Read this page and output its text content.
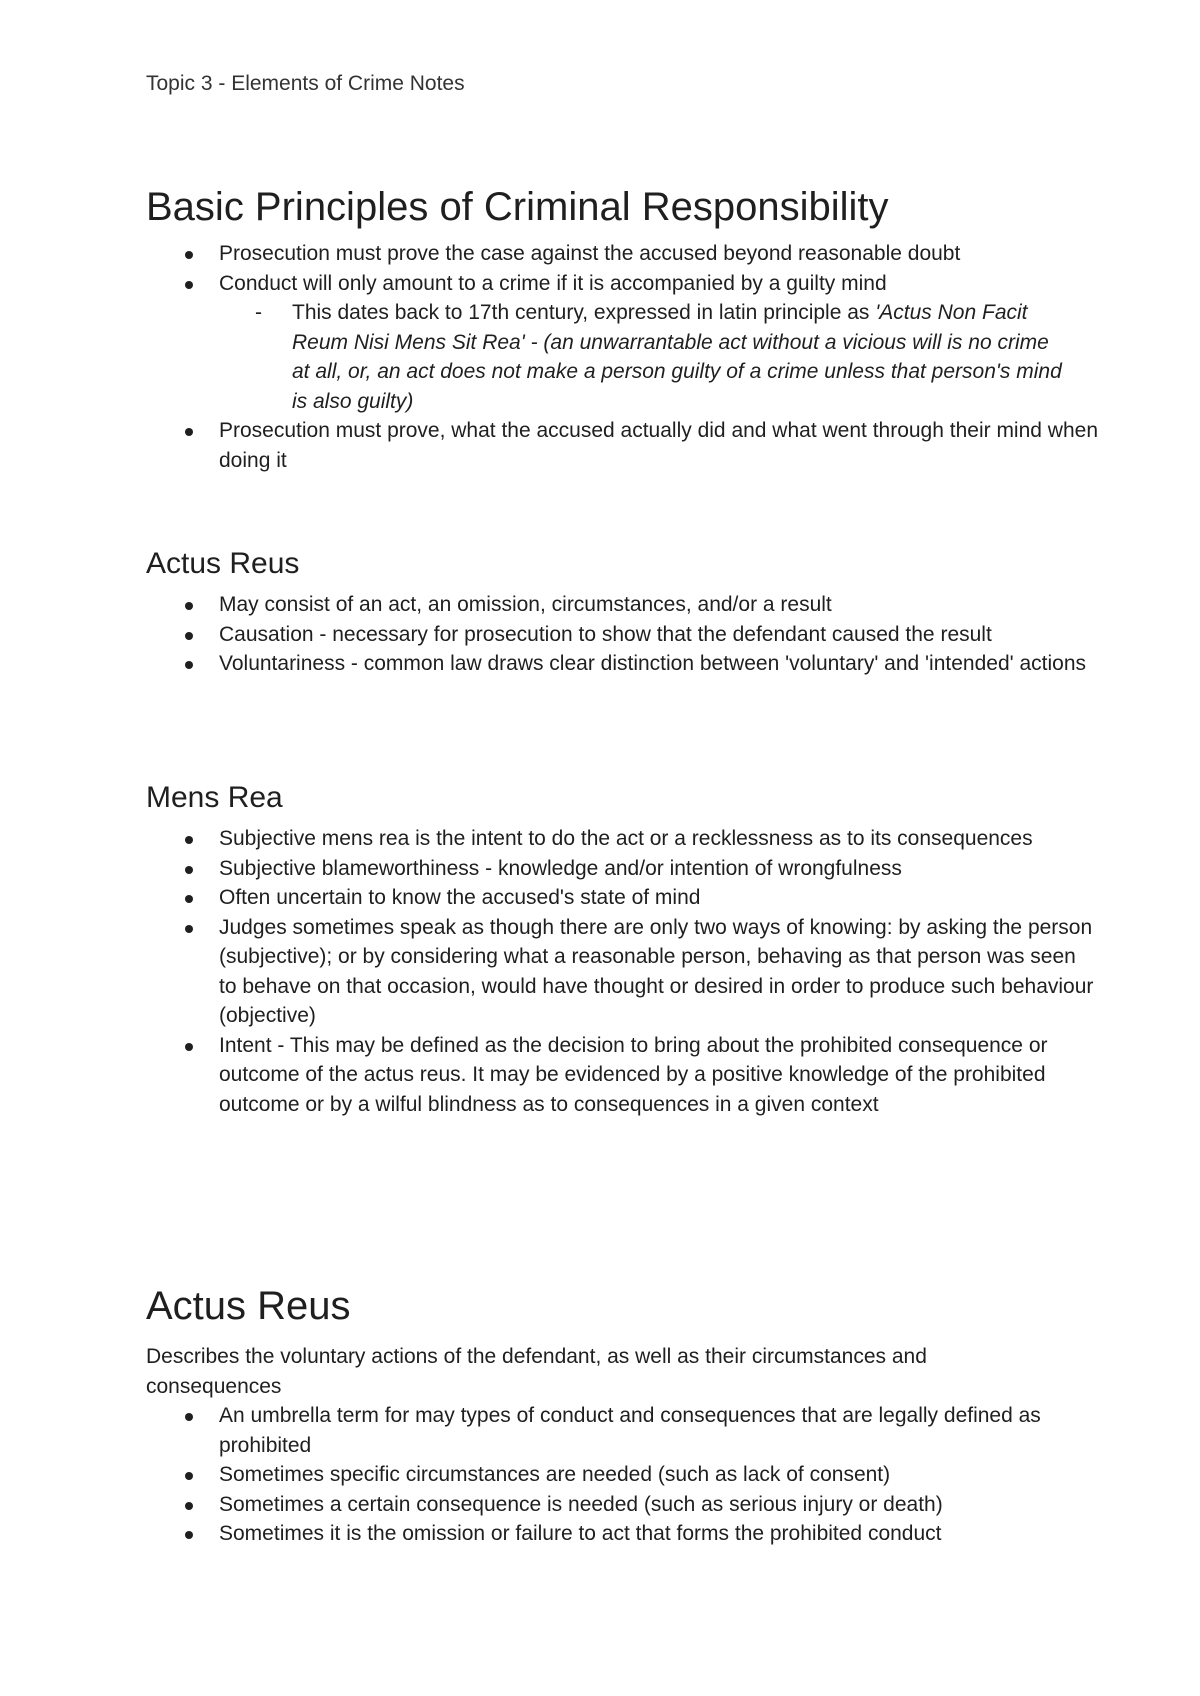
Topic 3 - Elements of Crime Notes

Basic Principles of Criminal Responsibility
Prosecution must prove the case against the accused beyond reasonable doubt
Conduct will only amount to a crime if it is accompanied by a guilty mind
- This dates back to 17th century, expressed in latin principle as 'Actus Non Facit Reum Nisi Mens Sit Rea' - (an unwarrantable act without a vicious will is no crime at all, or, an act does not make a person guilty of a crime unless that person's mind is also guilty)
Prosecution must prove, what the accused actually did and what went through their mind when doing it
Actus Reus
May consist of an act, an omission, circumstances, and/or a result
Causation - necessary for prosecution to show that the defendant caused the result
Voluntariness - common law draws clear distinction between 'voluntary' and 'intended' actions
Mens Rea
Subjective mens rea is the intent to do the act or a recklessness as to its consequences
Subjective blameworthiness - knowledge and/or intention of wrongfulness
Often uncertain to know the accused's state of mind
Judges sometimes speak as though there are only two ways of knowing: by asking the person (subjective); or by considering what a reasonable person, behaving as that person was seen to behave on that occasion, would have thought or desired in order to produce such behaviour (objective)
Intent - This may be defined as the decision to bring about the prohibited consequence or outcome of the actus reus. It may be evidenced by a positive knowledge of the prohibited outcome or by a wilful blindness as to consequences in a given context
Actus Reus

Describes the voluntary actions of the defendant, as well as their circumstances and consequences

An umbrella term for may types of conduct and consequences that are legally defined as prohibited
Sometimes specific circumstances are needed (such as lack of consent)
Sometimes a certain consequence is needed (such as serious injury or death)
Sometimes it is the omission or failure to act that forms the prohibited conduct
